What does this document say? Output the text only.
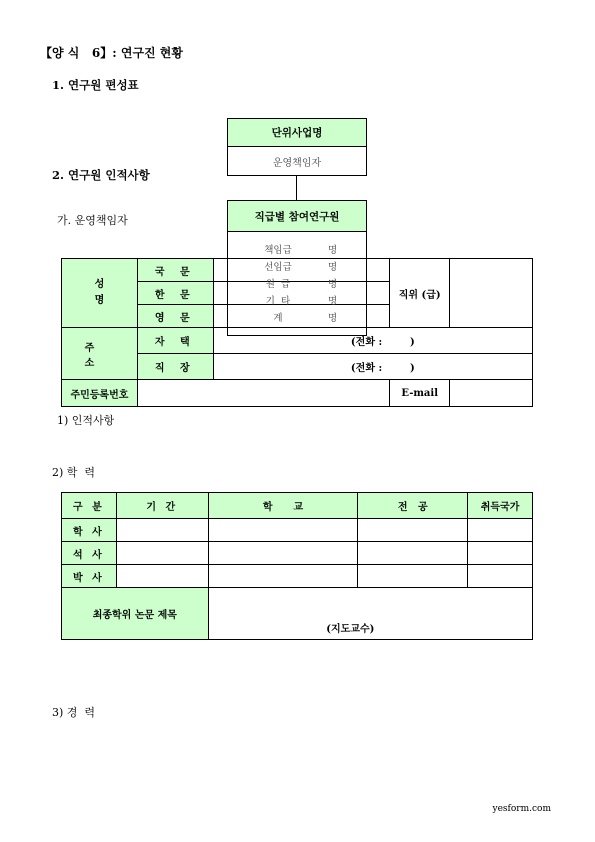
【양 식   6】: 연구진 현황
1. 연구원 편성표
2. 연구원 인적사항
가. 운영책임자
성
명	국 문		직위 (급)	
	한 문			
	영 문			
주 소	자 택	(전화 :        )		
	직 장	(전화 :        )		
주민등록번호			E-mail	
단위사업명
운영책임자
직급별 참여연구원
책임급	명
선임급	명
원  급	명
기  타	명
계	명
1) 인적사항
2) 학  력
구 분	기 간	학      교	전   공	취득국가
학 사				
석 사				
박 사				
최종학위 논문 제목		(지도교수)		
3) 경  력
yesform.com
